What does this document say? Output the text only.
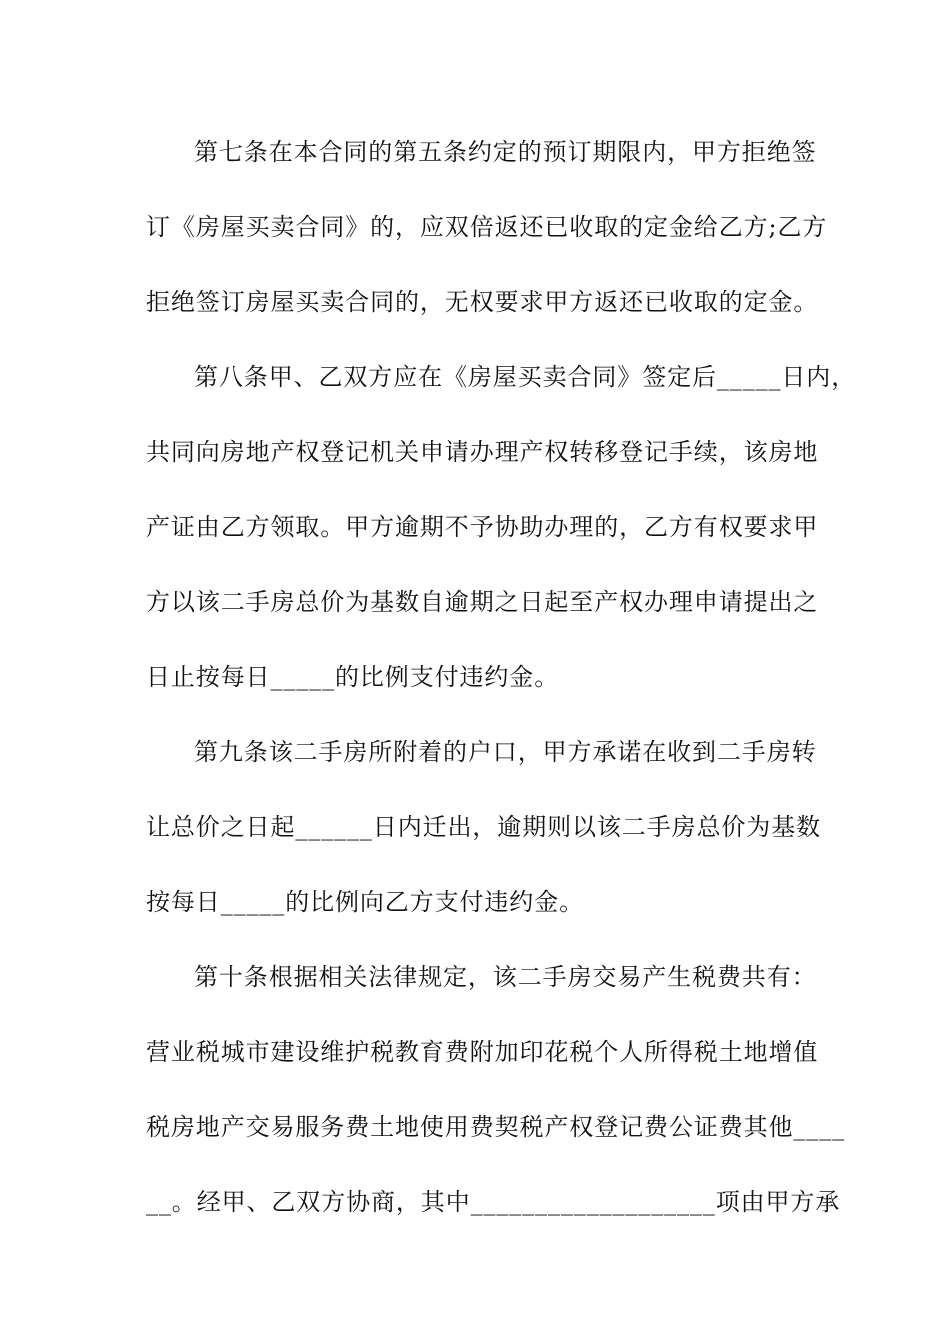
第七条在本合同的第五条约定的预订期限内，甲方拒绝签
订《房屋买卖合同》的，应双倍返还已收取的定金给乙方;乙方
拒绝签订房屋买卖合同的，无权要求甲方返还已收取的定金。
第八条甲、乙双方应在《房屋买卖合同》签定后_____日内，
共同向房地产权登记机关申请办理产权转移登记手续，该房地
产证由乙方领取。甲方逾期不予协助办理的，乙方有权要求甲
方以该二手房总价为基数自逾期之日起至产权办理申请提出之
日止按每日_____的比例支付违约金。
第九条该二手房所附着的户口，甲方承诺在收到二手房转
让总价之日起______日内迁出，逾期则以该二手房总价为基数
按每日_____的比例向乙方支付违约金。
第十条根据相关法律规定，该二手房交易产生税费共有：
营业税城市建设维护税教育费附加印花税个人所得税土地增值
税房地产交易服务费土地使用费契税产权登记费公证费其他____
__。经甲、乙双方协商，其中___________________项由甲方承
